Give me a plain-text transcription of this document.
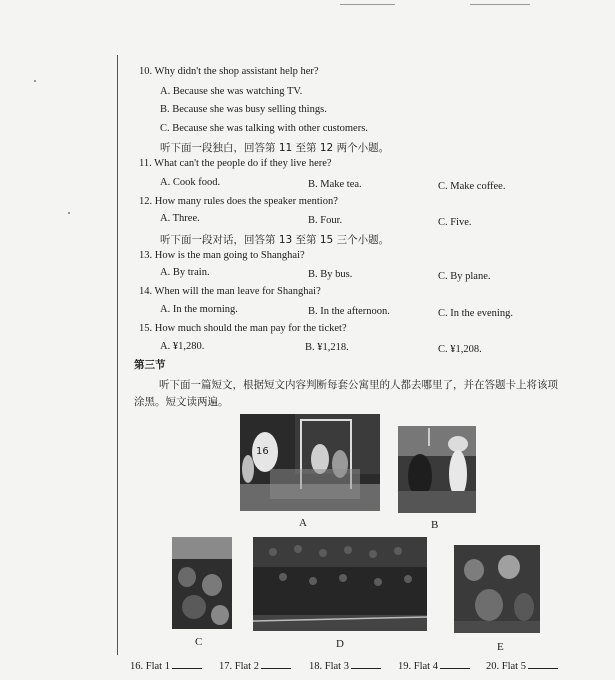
10. Why didn't the shop assistant help her?
A. Because she was watching TV.
B. Because she was busy selling things.
C. Because she was talking with other customers.
听下面一段独白，回答第 11 至第 12 两个小题。
11. What can't the people do if they live here?
A. Cook food.	B. Make tea.	C. Make coffee.
12. How many rules does the speaker mention?
A. Three.	B. Four.	C. Five.
听下面一段对话，回答第 13 至第 15 三个小题。
13. How is the man going to Shanghai?
A. By train.	B. By bus.	C. By plane.
14. When will the man leave for Shanghai?
A. In the morning.	B. In the afternoon.	C. In the evening.
15. How much should the man pay for the ticket?
A. ¥1,280.	B. ¥1,218.	C. ¥1,208.
第三节
听下面一篇短文，根据短文内容判断每套公寓里的人都去哪里了，并在答题卡上将该项
涂黑。短文读两遍。
16
A	B
C	D	E
16. Flat 1	17. Flat 2	18. Flat 3	19. Flat 4	20. Flat 5
